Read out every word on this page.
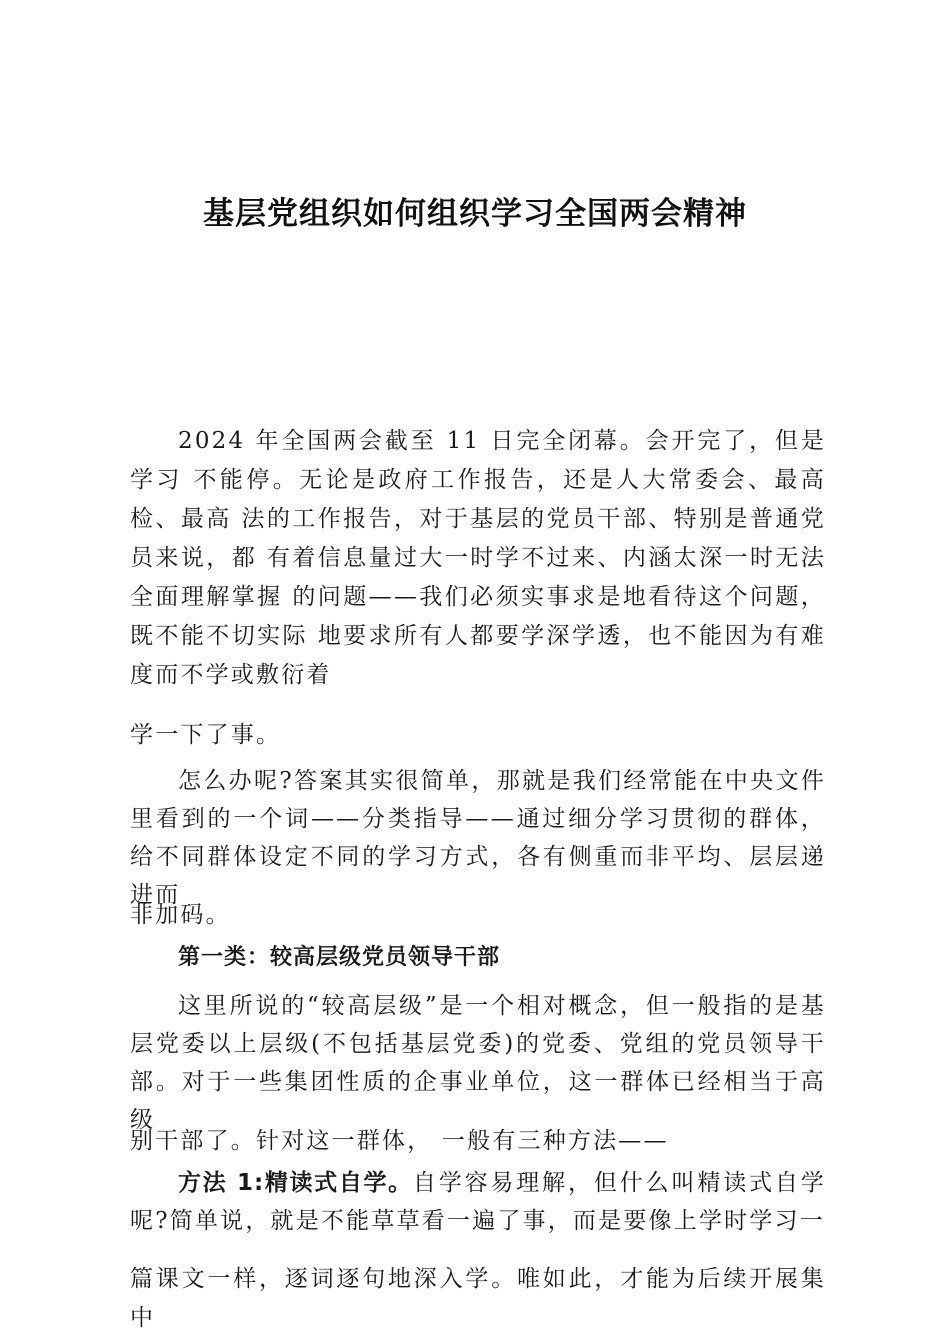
基层党组织如何组织学习全国两会精神

2024 年全国两会截至 11 日完全闭幕。会开完了，但是学习 不能停。无论是政府工作报告，还是人大常委会、最高检、最高 法的工作报告，对于基层的党员干部、特别是普通党员来说，都 有着信息量过大一时学不过来、内涵太深一时无法全面理解掌握 的问题——我们必须实事求是地看待这个问题，既不能不切实际 地要求所有人都要学深学透，也不能因为有难度而不学或敷衍着

学一下了事。

怎么办呢?答案其实很简单，那就是我们经常能在中央文件里看到的一个词——分类指导——通过细分学习贯彻的群体，给不同群体设定不同的学习方式，各有侧重而非平均、层层递进而

非加码。

第一类：较高层级党员领导干部

这里所说的“较高层级”是一个相对概念，但一般指的是基层党委以上层级(不包括基层党委)的党委、党组的党员领导干部。对于一些集团性质的企事业单位，这一群体已经相当于高级

别干部了。针对这一群体， 一般有三种方法——

方法 1:精读式自学。自学容易理解，但什么叫精读式自学呢?简单说，就是不能草草看一遍了事，而是要像上学时学习一

篇课文一样，逐词逐句地深入学。唯如此，才能为后续开展集中
